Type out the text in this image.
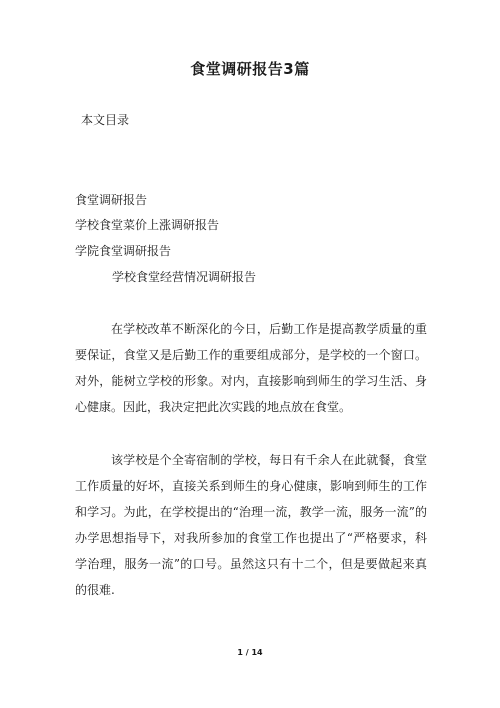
食堂调研报告3篇
本文目录
食堂调研报告
学校食堂菜价上涨调研报告
学院食堂调研报告
学校食堂经营情况调研报告

在学校改革不断深化的今日，后勤工作是提高教学质量的重要保证，食堂又是后勤工作的重要组成部分，是学校的一个窗口。对外，能树立学校的形象。对内，直接影响到师生的学习生活、身心健康。因此，我决定把此次实践的地点放在食堂。

该学校是个全寄宿制的学校，每日有千余人在此就餐，食堂工作质量的好坏，直接关系到师生的身心健康，影响到师生的工作和学习。为此，在学校提出的“治理一流，教学一流，服务一流”的办学思想指导下，对我所参加的食堂工作也提出了“严格要求，科学治理，服务一流”的口号。虽然这只有十二个，但是要做起来真的很难.

1 / 14
